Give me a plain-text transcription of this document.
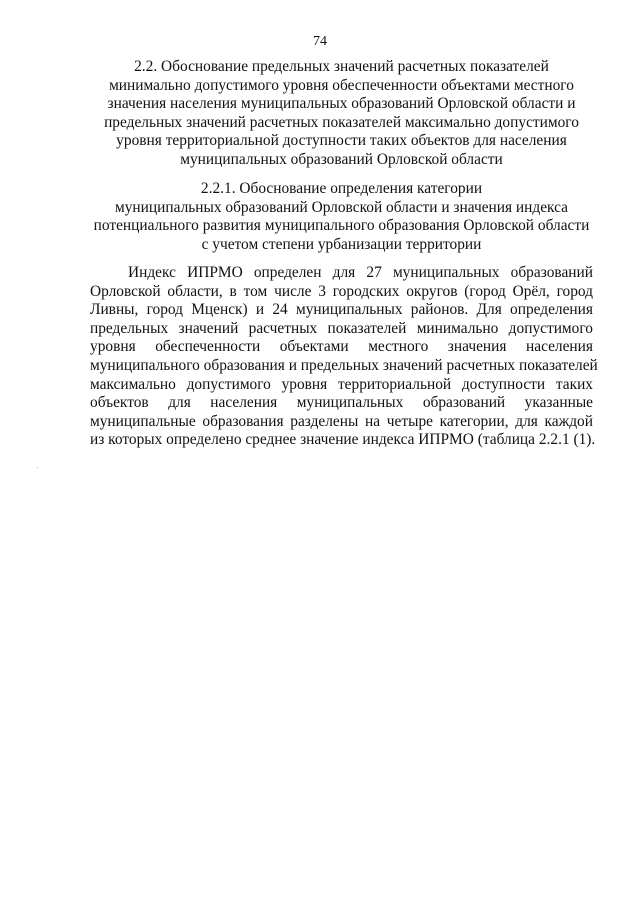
74
2.2. Обоснование предельных значений расчетных показателей
минимально допустимого уровня обеспеченности объектами местного
значения населения муниципальных образований Орловской области и
предельных значений расчетных показателей максимально допустимого
уровня территориальной доступности таких объектов для населения
муниципальных образований Орловской области
2.2.1. Обоснование определения категории
муниципальных образований Орловской области и значения индекса
потенциального развития муниципального образования Орловской области
с учетом степени урбанизации территории
Индекс ИПРМО определен для 27 муниципальных образований
Орловской области, в том числе 3 городских округов (город Орёл, город
Ливны, город Мценск) и 24 муниципальных районов. Для определения
предельных значений расчетных показателей минимально допустимого
уровня обеспеченности объектами местного значения населения
муниципального образования и предельных значений расчетных показателей
максимально допустимого уровня территориальной доступности таких
объектов для населения муниципальных образований указанные
муниципальные образования разделены на четыре категории, для каждой
из которых определено среднее значение индекса ИПРМО (таблица 2.2.1 (1).
